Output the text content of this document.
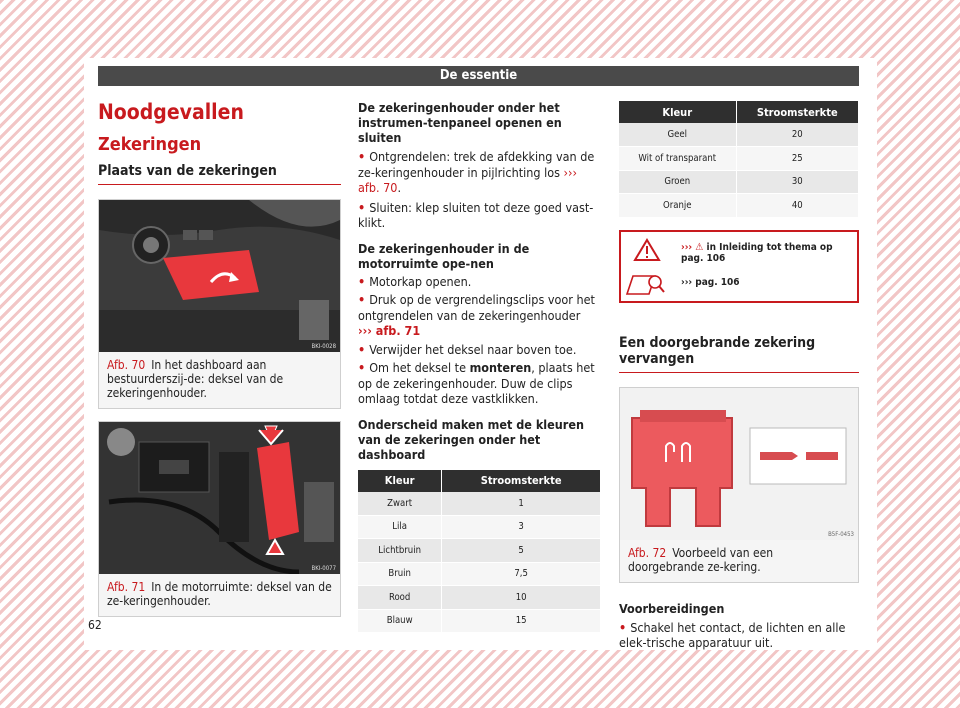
De essentie
Noodgevallen
Zekeringen
Plaats van de zekeringen
BKI-0028
Afb. 70 In het dashboard aan bestuurderszij-de: deksel van de zekeringenhouder.
BKI-0077
Afb. 71 In de motorruimte: deksel van de ze-keringenhouder.

De zekeringenhouder onder het instrumen-tenpaneel openen en sluiten

• Ontgrendelen: trek de afdekking van de ze-keringenhouder in pijlrichting los ››› afb. 70.

• Sluiten: klep sluiten tot deze goed vast-klikt.

De zekeringenhouder in de motorruimte ope-nen

• Motorkap openen.

• Druk op de vergrendelingsclips voor het ontgrendelen van de zekeringenhouder
››› afb. 71

• Verwijder het deksel naar boven toe.

• Om het deksel te monteren, plaats het op de zekeringenhouder. Duw de clips omlaag totdat deze vastklikken.

Onderscheid maken met de kleuren van de zekeringen onder het dashboard

Kleur	Stroomsterkte
Zwart	1
Lila	3
Lichtbruin	5
Bruin	7,5
Rood	10
Blauw	15
Kleur	Stroomsterkte
Geel	20
Wit of transparant	25
Groen	30
Oranje	40
››› ⚠ in Inleiding tot thema op pag. 106
››› pag. 106
Een doorgebrande zekering vervangen
B5F-0453
Afb. 72 Voorbeeld van een doorgebrande ze-kering.

Voorbereidingen

• Schakel het contact, de lichten en alle elek-trische apparatuur uit.

62
